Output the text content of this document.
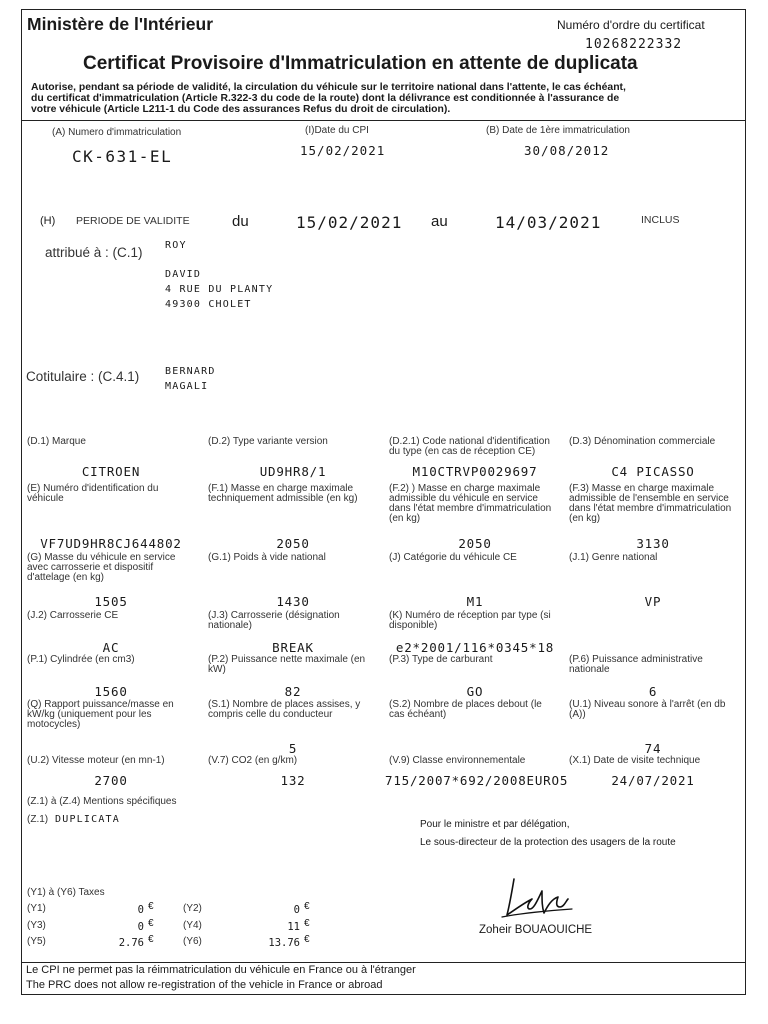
Ministère de l'Intérieur	Numéro d'ordre du certificat
10268222332
Certificat Provisoire d'Immatriculation en attente de duplicata
Autorise, pendant sa période de validité, la circulation du véhicule sur le territoire national dans l'attente, le cas échéant,
du certificat d'immatriculation (Article R.322-3 du code de la route) dont la délivrance est conditionnée à l'assurance de
votre véhicule (Article L211-1 du Code des assurances Refus du droit de circulation).
(A) Numero d'immatriculation
CK-631-EL
(I)Date du CPI
15/02/2021
(B) Date de 1ère immatriculation
30/08/2012
(H) PERIODE DE VALIDITE	du	15/02/2021 au	14/03/2021	INCLUS
attribué à : (C.1) ROY
DAVID
4 RUE DU PLANTY
49300 CHOLET
Cotitulaire : (C.4.1)	BERNARD
MAGALI
(D.1) Marque
CITROEN
(D.2) Type variante version
UD9HR8/1
(D.2.1) Code national d'identification du type (en cas de réception CE)
M10CTRVP0029697
(D.3) Dénomination commerciale
C4 PICASSO
(E) Numéro d'identification du véhicule
VF7UD9HR8CJ644802
(F.1) Masse en charge maximale techniquement admissible (en kg)
2050
(F.2) ) Masse en charge maximale admissible du véhicule en service dans l'état membre d'immatriculation (en kg)
2050
(F.3) Masse en charge maximale admissible de l'ensemble en service dans l'état membre d'immatriculation (en kg)
3130
(G) Masse du véhicule en service avec carrosserie et dispositif d'attelage (en kg)
1505
(G.1) Poids à vide national
1430
(J) Catégorie du véhicule CE
M1
(J.1) Genre national
VP
(J.2) Carrosserie CE
AC
(J.3) Carrosserie (désignation nationale)
BREAK
(K) Numéro de réception par type (si disponible)
e2*2001/116*0345*18
(P.1) Cylindrée (en cm3)
1560
(P.2) Puissance nette maximale (en kW)
82
(P.3) Type de carburant
GO
(P.6) Puissance administrative nationale
6
(Q) Rapport puissance/masse en kW/kg (uniquement pour les motocycles)
(S.1) Nombre de places assises, y compris celle du conducteur
5
(S.2) Nombre de places debout (le cas échéant)
(U.1) Niveau sonore à l'arrêt (en db (A))
74
(U.2) Vitesse moteur (en mn-1)
2700
(V.7) CO2 (en g/km)
132
(V.9) Classe environnementale
715/2007*692/2008EURO5
(X.1) Date de visite technique
24/07/2021
(Z.1) à (Z.4) Mentions spécifiques
(Z.1) DUPLICATA	Pour le ministre et par délégation,
Le sous-directeur de la protection des usagers de la route
Zoheir BOUAOUICHE
(Y1) à (Y6) Taxes
(Y1)	0 €	(Y2)	0 €
(Y3)	0 €	(Y4)	11 €
(Y5)	2.76 €	(Y6)	13.76 €
Le CPI ne permet pas la réimmatriculation du véhicule en France ou à l'étranger
The PRC does not allow re-registration of the vehicle in France or abroad
